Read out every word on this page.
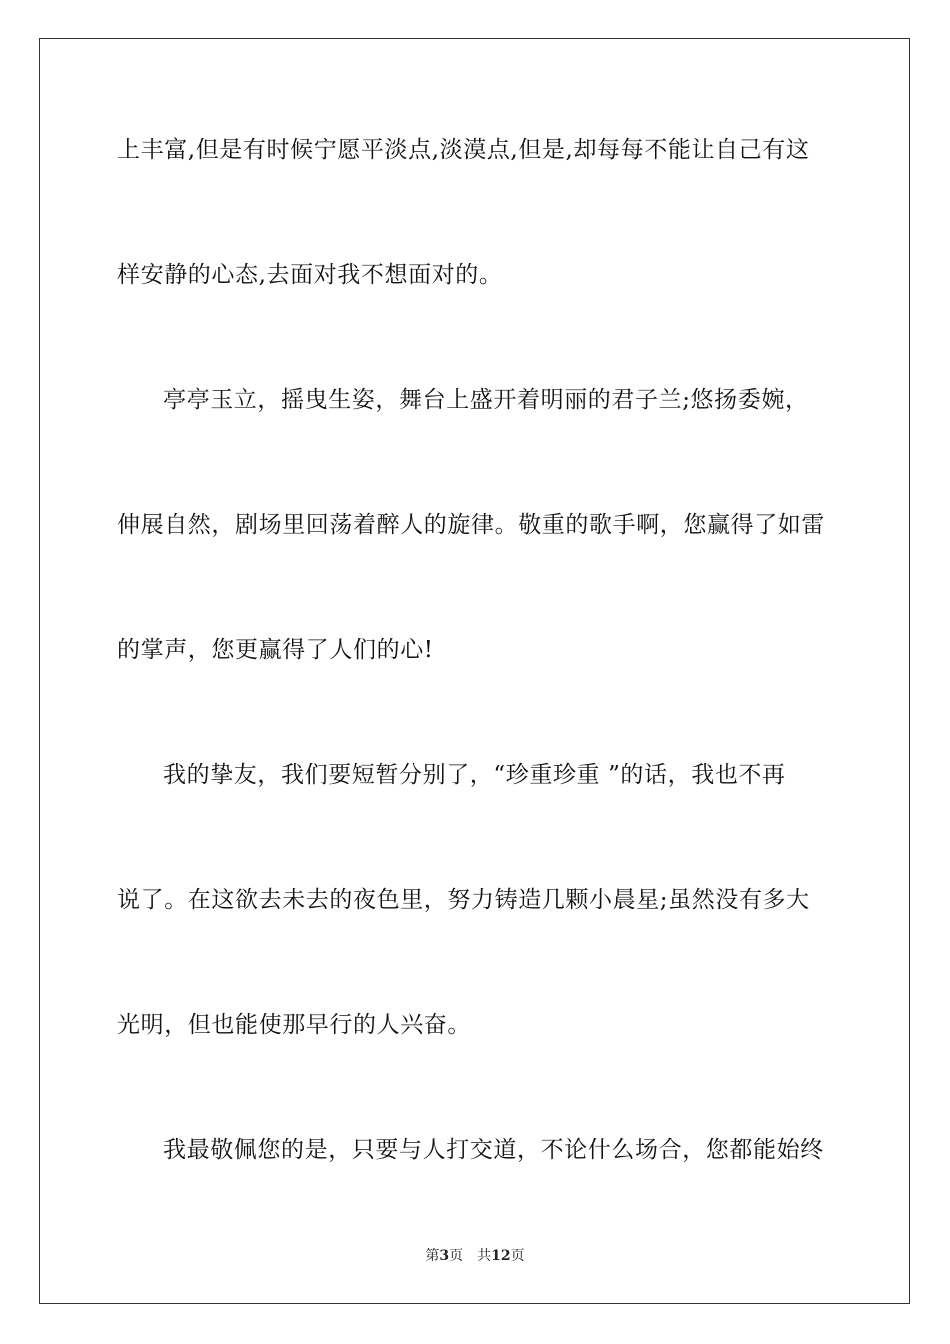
上丰富,但是有时候宁愿平淡点,淡漠点,但是,却每每不能让自己有这
样安静的心态,去面对我不想面对的。
亭亭玉立，摇曳生姿，舞台上盛开着明丽的君子兰;悠扬委婉，
伸展自然，剧场里回荡着醉人的旋律。敬重的歌手啊，您赢得了如雷
的掌声，您更赢得了人们的心!
我的挚友，我们要短暂分别了，“珍重珍重 ”的话，我也不再
说了。在这欲去未去的夜色里，努力铸造几颗小晨星;虽然没有多大
光明，但也能使那早行的人兴奋。
我最敬佩您的是，只要与人打交道，不论什么场合，您都能始终
第3页 共12页
